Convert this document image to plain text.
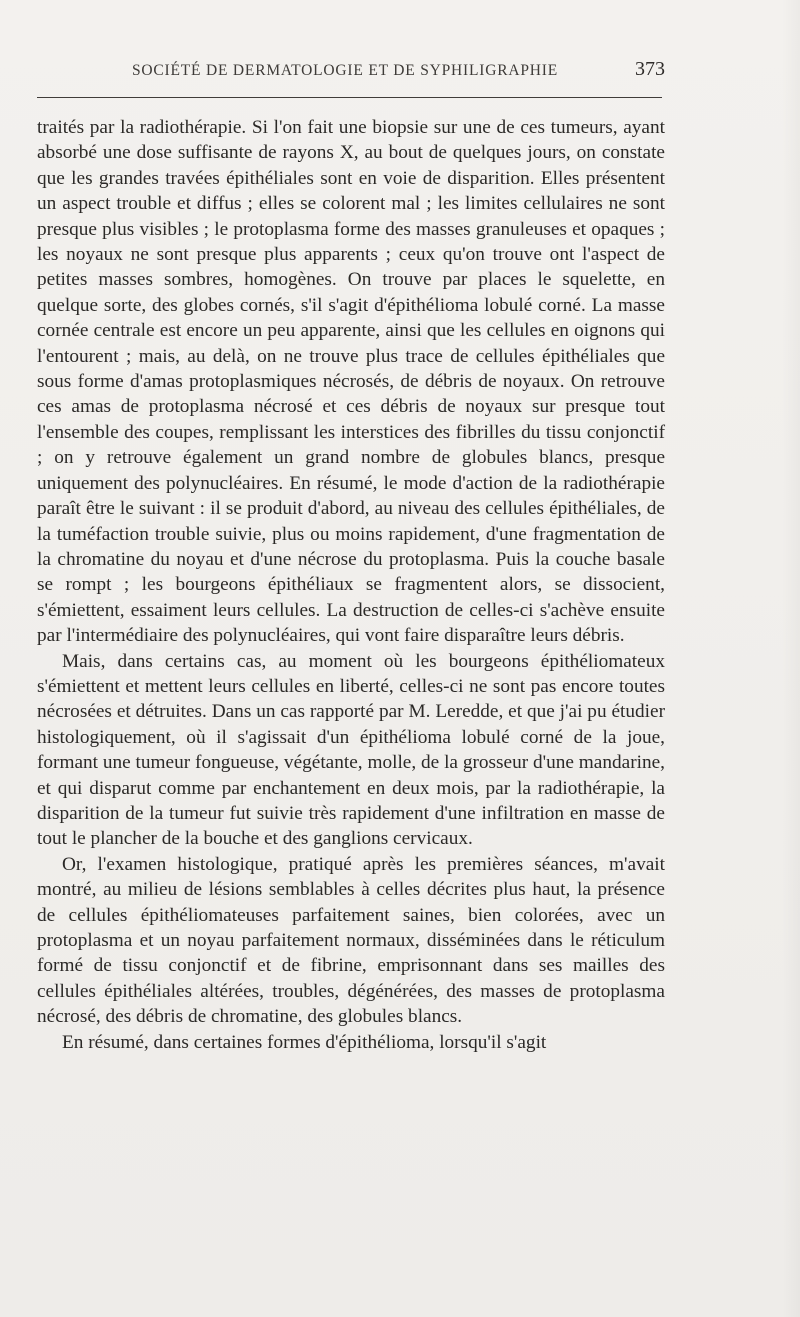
SOCIÉTÉ DE DERMATOLOGIE ET DE SYPHILIGRAPHIE	373

traités par la radiothérapie. Si l'on fait une biopsie sur une de ces tumeurs, ayant absorbé une dose suffisante de rayons X, au bout de quelques jours, on constate que les grandes travées épithéliales sont en voie de disparition. Elles présentent un aspect trouble et diffus ; elles se colorent mal ; les limites cellulaires ne sont presque plus visibles ; le protoplasma forme des masses granuleuses et opaques ; les noyaux ne sont presque plus apparents ; ceux qu'on trouve ont l'aspect de petites masses sombres, homogènes. On trouve par places le squelette, en quelque sorte, des globes cornés, s'il s'agit d'épithélioma lobulé corné. La masse cornée centrale est encore un peu apparente, ainsi que les cellules en oignons qui l'entourent ; mais, au delà, on ne trouve plus trace de cellules épithéliales que sous forme d'amas protoplasmiques nécrosés, de débris de noyaux. On retrouve ces amas de protoplasma nécrosé et ces débris de noyaux sur presque tout l'ensemble des coupes, remplissant les interstices des fibrilles du tissu conjonctif ; on y retrouve également un grand nombre de globules blancs, presque uniquement des polynucléaires. En résumé, le mode d'action de la radiothérapie paraît être le suivant : il se produit d'abord, au niveau des cellules épithéliales, de la tuméfaction trouble suivie, plus ou moins rapidement, d'une fragmentation de la chromatine du noyau et d'une nécrose du protoplasma. Puis la couche basale se rompt ; les bourgeons épithéliaux se fragmentent alors, se dissocient, s'émiettent, essaiment leurs cellules. La destruction de celles-ci s'achève ensuite par l'intermédiaire des polynucléaires, qui vont faire disparaître leurs débris.

Mais, dans certains cas, au moment où les bourgeons épithéliomateux s'émiettent et mettent leurs cellules en liberté, celles-ci ne sont pas encore toutes nécrosées et détruites. Dans un cas rapporté par M. Leredde, et que j'ai pu étudier histologiquement, où il s'agissait d'un épithélioma lobulé corné de la joue, formant une tumeur fongueuse, végétante, molle, de la grosseur d'une mandarine, et qui disparut comme par enchantement en deux mois, par la radiothérapie, la disparition de la tumeur fut suivie très rapidement d'une infiltration en masse de tout le plancher de la bouche et des ganglions cervicaux.

Or, l'examen histologique, pratiqué après les premières séances, m'avait montré, au milieu de lésions semblables à celles décrites plus haut, la présence de cellules épithéliomateuses parfaitement saines, bien colorées, avec un protoplasma et un noyau parfaitement normaux, disséminées dans le réticulum formé de tissu conjonctif et de fibrine, emprisonnant dans ses mailles des cellules épithéliales altérées, troubles, dégénérées, des masses de protoplasma nécrosé, des débris de chromatine, des globules blancs.

En résumé, dans certaines formes d'épithélioma, lorsqu'il s'agit
